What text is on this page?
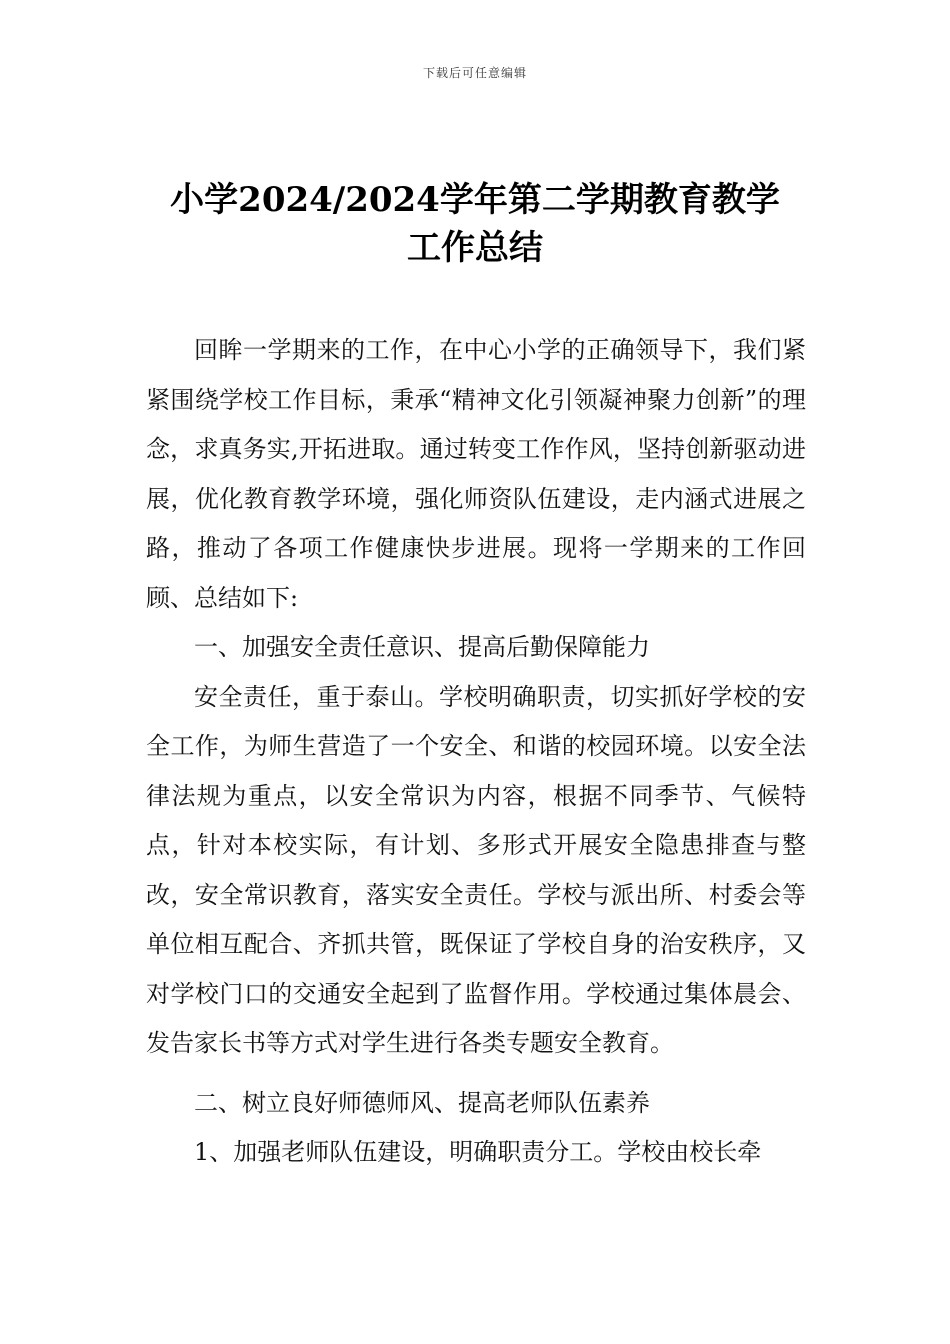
下载后可任意编辑
小学2024/2024学年第二学期教育教学
工作总结

回眸一学期来的工作，在中心小学的正确领导下，我们紧紧围绕学校工作目标，秉承“精神文化引领凝神聚力创新”的理念，求真务实,开拓进取。通过转变工作作风，坚持创新驱动进展，优化教育教学环境，强化师资队伍建设，走内涵式进展之路，推动了各项工作健康快步进展。现将一学期来的工作回顾、总结如下:

一、加强安全责任意识、提高后勤保障能力

安全责任，重于泰山。学校明确职责，切实抓好学校的安全工作，为师生营造了一个安全、和谐的校园环境。以安全法律法规为重点，以安全常识为内容，根据不同季节、气候特点，针对本校实际，有计划、多形式开展安全隐患排查与整改，安全常识教育，落实安全责任。学校与派出所、村委会等单位相互配合、齐抓共管，既保证了学校自身的治安秩序，又对学校门口的交通安全起到了监督作用。学校通过集体晨会、发告家长书等方式对学生进行各类专题安全教育。

二、树立良好师德师风、提高老师队伍素养

1、加强老师队伍建设，明确职责分工。学校由校长牵
